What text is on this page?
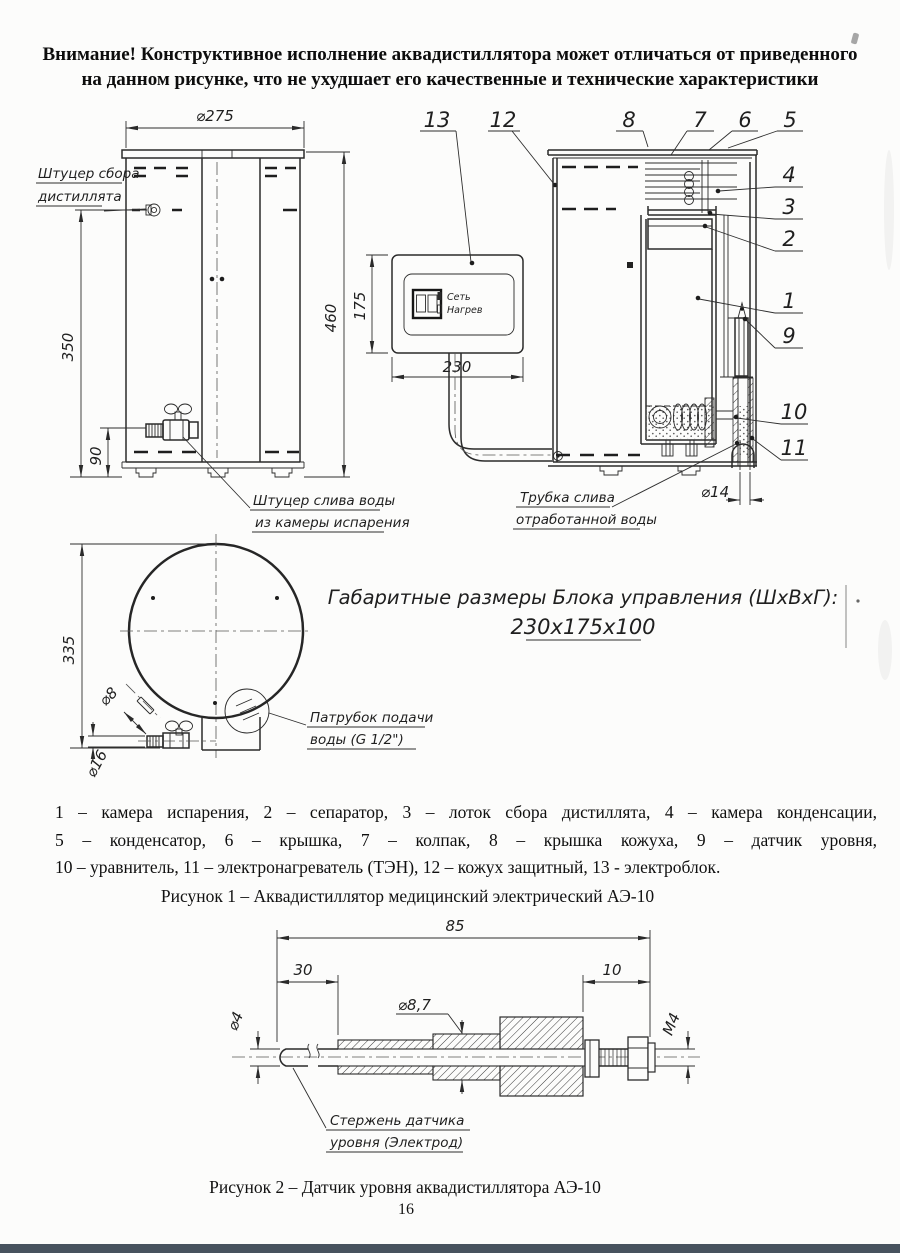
Внимание! Конструктивное исполнение аквадистиллятора может отличаться от приведенного
на данном рисунке, что не ухудшает его качественные и технические характеристики
⌀275
460
350
90
Штуцер сбора
дистиллята
Штуцер слива воды
из камеры испарения
Сеть
Нагрев
175
230
13 12
⌀14
8	7 6 5
4
3
2
1
9
10
11
Трубка слива
отработанной воды
⌀8
⌀16
335
Патрубок подачи
воды (G 1/2")
Габаритные размеры Блока управления (ШхВхГ):
230х175х100
1 – камера испарения, 2 – сепаратор, 3 – лоток сбора дистиллята, 4 – камера конденсации,
5 – конденсатор, 6 – крышка, 7 – колпак, 8 – крышка кожуха, 9 – датчик уровня,
10 – уравнитель, 11 – электронагреватель (ТЭН), 12 – кожух защитный, 13 - электроблок.
Рисунок 1 – Аквадистиллятор медицинский электрический АЭ-10
85
30	10
⌀8,7
⌀4	М4
Стержень датчика
уровня (Электрод)
Рисунок 2 – Датчик уровня аквадистиллятора АЭ-10
16
